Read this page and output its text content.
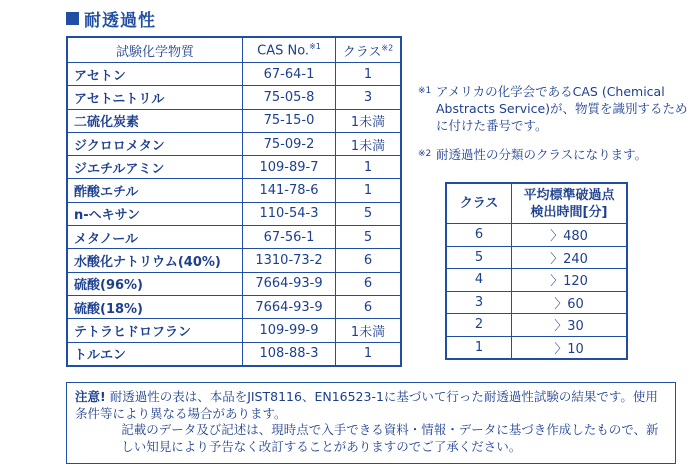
耐透過性
試験化学物質	CAS No.$^{※1}$	クラス$^{※2}$
アセトン	67-64-1	1
アセトニトリル	75-05-8	3
二硫化炭素	75-15-0	1未満
ジクロロメタン	75-09-2	1未満
ジエチルアミン	109-89-7	1
酢酸エチル	141-78-6	1
n-ヘキサン	110-54-3	5
メタノール	67-56-1	5
水酸化ナトリウム(40%)	1310-73-2	6
硫酸(96%)	7664-93-9	6
硫酸(18%)	7664-93-9	6
テトラヒドロフラン	109-99-9	1未満
トルエン	108-88-3	1
※1 アメリカの化学会であるCAS (Chemical Abstracts Service)が、物質を識別するために付けた番号です。
※2 耐透過性の分類のクラスになります。
クラス	平均標準破過点
検出時間[分]

6	〉480
5	〉240
4	〉120
3	〉60
2	〉30
1	〉10
注意! 耐透過性の表は、本品をJIST8116、EN16523-1に基づいて行った耐透過性試験の結果です。使用条件等により異なる場合があります。
記載のデータ及び記述は、現時点で入手できる資料・情報・データに基づき作成したもので、新しい知見により予告なく改訂することがありますのでご了承ください。
